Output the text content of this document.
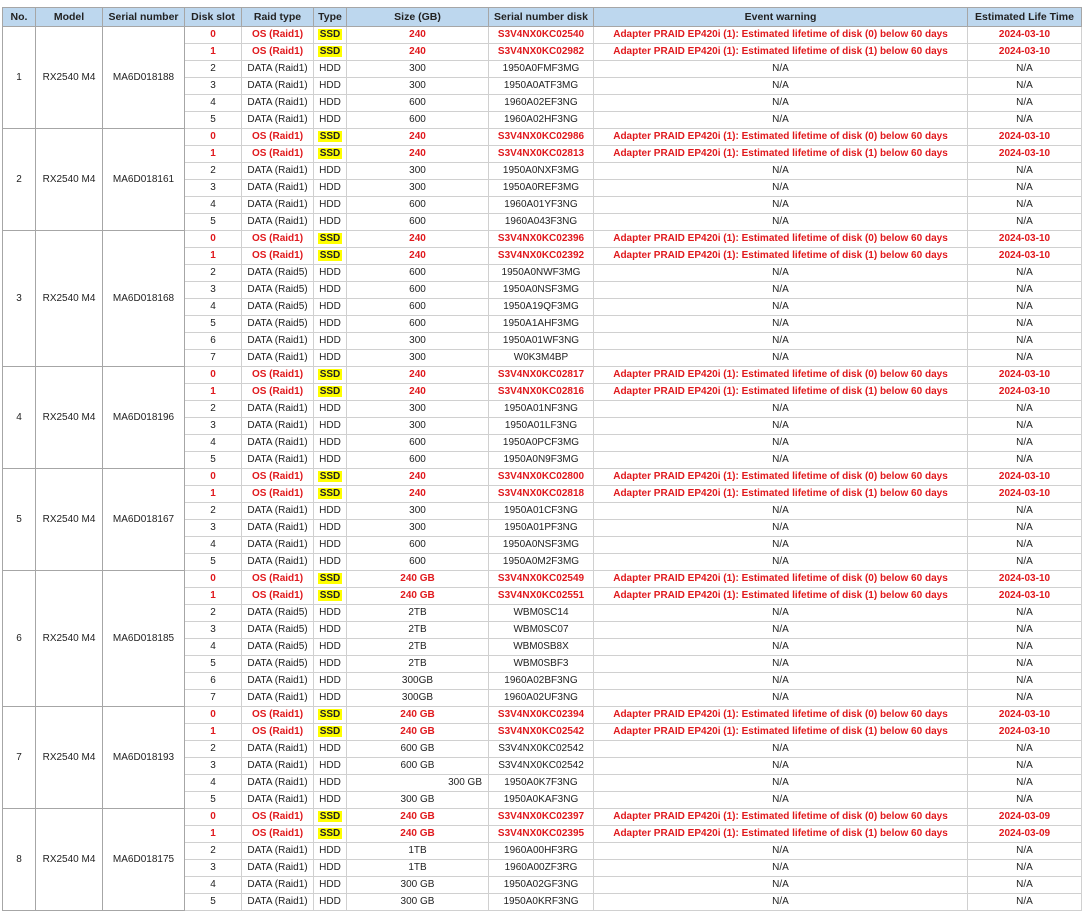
No.	Model	Serial number	Disk slot	Raid type	Type	Size (GB)	Serial number disk	Event warning	Estimated Life Time
1	RX2540 M4	MA6D018188	0	OS (Raid1)	SSD	240	S3V4NX0KC02540	Adapter PRAID EP420i (1): Estimated lifetime of disk (0) below 60 days	2024-03-10
			1	OS (Raid1)	SSD	240	S3V4NX0KC02982	Adapter PRAID EP420i (1): Estimated lifetime of disk (1) below 60 days	2024-03-10
			2	DATA (Raid1)	HDD	300	1950A0FMF3MG	N/A	N/A
			3	DATA (Raid1)	HDD	300	1950A0ATF3MG	N/A	N/A
			4	DATA (Raid1)	HDD	600	1960A02EF3NG	N/A	N/A
			5	DATA (Raid1)	HDD	600	1960A02HF3NG	N/A	N/A
2	RX2540 M4	MA6D018161	0	OS (Raid1)	SSD	240	S3V4NX0KC02986	Adapter PRAID EP420i (1): Estimated lifetime of disk (0) below 60 days	2024-03-10
			1	OS (Raid1)	SSD	240	S3V4NX0KC02813	Adapter PRAID EP420i (1): Estimated lifetime of disk (1) below 60 days	2024-03-10
			2	DATA (Raid1)	HDD	300	1950A0NXF3MG	N/A	N/A
			3	DATA (Raid1)	HDD	300	1950A0REF3MG	N/A	N/A
			4	DATA (Raid1)	HDD	600	1960A01YF3NG	N/A	N/A
			5	DATA (Raid1)	HDD	600	1960A043F3NG	N/A	N/A
3	RX2540 M4	MA6D018168	0	OS (Raid1)	SSD	240	S3V4NX0KC02396	Adapter PRAID EP420i (1): Estimated lifetime of disk (0) below 60 days	2024-03-10
			1	OS (Raid1)	SSD	240	S3V4NX0KC02392	Adapter PRAID EP420i (1): Estimated lifetime of disk (1) below 60 days	2024-03-10
			2	DATA (Raid5)	HDD	600	1950A0NWF3MG	N/A	N/A
			3	DATA (Raid5)	HDD	600	1950A0NSF3MG	N/A	N/A
			4	DATA (Raid5)	HDD	600	1950A19QF3MG	N/A	N/A
			5	DATA (Raid5)	HDD	600	1950A1AHF3MG	N/A	N/A
			6	DATA (Raid1)	HDD	300	1950A01WF3NG	N/A	N/A
			7	DATA (Raid1)	HDD	300	W0K3M4BP	N/A	N/A
4	RX2540 M4	MA6D018196	0	OS (Raid1)	SSD	240	S3V4NX0KC02817	Adapter PRAID EP420i (1): Estimated lifetime of disk (0) below 60 days	2024-03-10
			1	OS (Raid1)	SSD	240	S3V4NX0KC02816	Adapter PRAID EP420i (1): Estimated lifetime of disk (1) below 60 days	2024-03-10
			2	DATA (Raid1)	HDD	300	1950A01NF3NG	N/A	N/A
			3	DATA (Raid1)	HDD	300	1950A01LF3NG	N/A	N/A
			4	DATA (Raid1)	HDD	600	1950A0PCF3MG	N/A	N/A
			5	DATA (Raid1)	HDD	600	1950A0N9F3MG	N/A	N/A
5	RX2540 M4	MA6D018167	0	OS (Raid1)	SSD	240	S3V4NX0KC02800	Adapter PRAID EP420i (1): Estimated lifetime of disk (0) below 60 days	2024-03-10
			1	OS (Raid1)	SSD	240	S3V4NX0KC02818	Adapter PRAID EP420i (1): Estimated lifetime of disk (1) below 60 days	2024-03-10
			2	DATA (Raid1)	HDD	300	1950A01CF3NG	N/A	N/A
			3	DATA (Raid1)	HDD	300	1950A01PF3NG	N/A	N/A
			4	DATA (Raid1)	HDD	600	1950A0NSF3MG	N/A	N/A
			5	DATA (Raid1)	HDD	600	1950A0M2F3MG	N/A	N/A
6	RX2540 M4	MA6D018185	0	OS (Raid1)	SSD	240 GB	S3V4NX0KC02549	Adapter PRAID EP420i (1): Estimated lifetime of disk (0) below 60 days	2024-03-10
			1	OS (Raid1)	SSD	240 GB	S3V4NX0KC02551	Adapter PRAID EP420i (1): Estimated lifetime of disk (1) below 60 days	2024-03-10
			2	DATA (Raid5)	HDD	2TB	WBM0SC14	N/A	N/A
			3	DATA (Raid5)	HDD	2TB	WBM0SC07	N/A	N/A
			4	DATA (Raid5)	HDD	2TB	WBM0SB8X	N/A	N/A
			5	DATA (Raid5)	HDD	2TB	WBM0SBF3	N/A	N/A
			6	DATA (Raid1)	HDD	300GB	1960A02BF3NG	N/A	N/A
			7	DATA (Raid1)	HDD	300GB	1960A02UF3NG	N/A	N/A
7	RX2540 M4	MA6D018193	0	OS (Raid1)	SSD	240 GB	S3V4NX0KC02394	Adapter PRAID EP420i (1): Estimated lifetime of disk (0) below 60 days	2024-03-10
			1	OS (Raid1)	SSD	240 GB	S3V4NX0KC02542	Adapter PRAID EP420i (1): Estimated lifetime of disk (1) below 60 days	2024-03-10
			2	DATA (Raid1)	HDD	600 GB	S3V4NX0KC02542	N/A	N/A
			3	DATA (Raid1)	HDD	600 GB	S3V4NX0KC02542	N/A	N/A
			4	DATA (Raid1)	HDD	300 GB	1950A0K7F3NG	N/A	N/A
			5	DATA (Raid1)	HDD	300 GB	1950A0KAF3NG	N/A	N/A
8	RX2540 M4	MA6D018175	0	OS (Raid1)	SSD	240 GB	S3V4NX0KC02397	Adapter PRAID EP420i (1): Estimated lifetime of disk (0) below 60 days	2024-03-09
			1	OS (Raid1)	SSD	240 GB	S3V4NX0KC02395	Adapter PRAID EP420i (1): Estimated lifetime of disk (1) below 60 days	2024-03-09
			2	DATA (Raid1)	HDD	1TB	1960A00HF3RG	N/A	N/A
			3	DATA (Raid1)	HDD	1TB	1960A00ZF3RG	N/A	N/A
			4	DATA (Raid1)	HDD	300 GB	1950A02GF3NG	N/A	N/A
			5	DATA (Raid1)	HDD	300 GB	1950A0KRF3NG	N/A	N/A
